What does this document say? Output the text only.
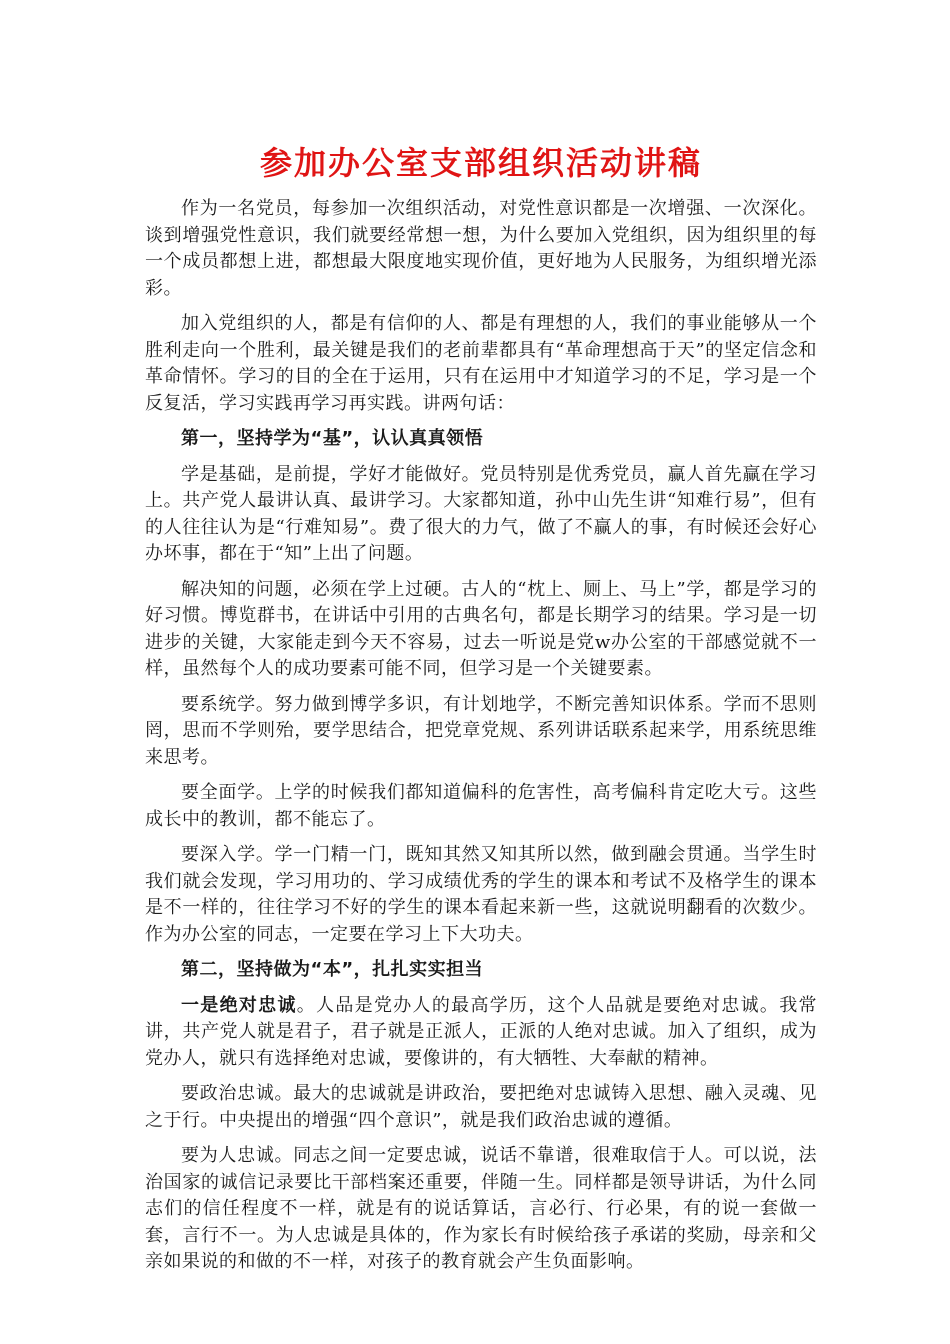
参加办公室支部组织活动讲稿

作为一名党员，每参加一次组织活动，对党性意识都是一次增强、一次深化。谈到增强党性意识，我们就要经常想一想，为什么要加入党组织，因为组织里的每一个成员都想上进，都想最大限度地实现价值，更好地为人民服务，为组织增光添彩。

加入党组织的人，都是有信仰的人、都是有理想的人，我们的事业能够从一个胜利走向一个胜利，最关键是我们的老前辈都具有“革命理想高于天”的坚定信念和革命情怀。学习的目的全在于运用，只有在运用中才知道学习的不足，学习是一个反复活，学习实践再学习再实践。讲两句话：

第一，坚持学为“基”，认认真真领悟

学是基础，是前提，学好才能做好。党员特别是优秀党员，赢人首先赢在学习上。共产党人最讲认真、最讲学习。大家都知道，孙中山先生讲“知难行易”，但有的人往往认为是“行难知易”。费了很大的力气，做了不赢人的事，有时候还会好心办坏事，都在于“知”上出了问题。

解决知的问题，必须在学上过硬。古人的“枕上、厕上、马上”学，都是学习的好习惯。博览群书，在讲话中引用的古典名句，都是长期学习的结果。学习是一切进步的关键，大家能走到今天不容易，过去一听说是党w办公室的干部感觉就不一样，虽然每个人的成功要素可能不同，但学习是一个关键要素。

要系统学。努力做到博学多识，有计划地学，不断完善知识体系。学而不思则罔，思而不学则殆，要学思结合，把党章党规、系列讲话联系起来学，用系统思维来思考。

要全面学。上学的时候我们都知道偏科的危害性，高考偏科肯定吃大亏。这些成长中的教训，都不能忘了。

要深入学。学一门精一门，既知其然又知其所以然，做到融会贯通。当学生时我们就会发现，学习用功的、学习成绩优秀的学生的课本和考试不及格学生的课本是不一样的，往往学习不好的学生的课本看起来新一些，这就说明翻看的次数少。作为办公室的同志，一定要在学习上下大功夫。

第二，坚持做为“本”，扎扎实实担当

一是绝对忠诚。人品是党办人的最高学历，这个人品就是要绝对忠诚。我常讲，共产党人就是君子，君子就是正派人，正派的人绝对忠诚。加入了组织，成为党办人，就只有选择绝对忠诚，要像讲的，有大牺牲、大奉献的精神。

要政治忠诚。最大的忠诚就是讲政治，要把绝对忠诚铸入思想、融入灵魂、见之于行。中央提出的增强“四个意识”，就是我们政治忠诚的遵循。

要为人忠诚。同志之间一定要忠诚，说话不靠谱，很难取信于人。可以说，法治国家的诚信记录要比干部档案还重要，伴随一生。同样都是领导讲话，为什么同志们的信任程度不一样，就是有的说话算话，言必行、行必果，有的说一套做一套，言行不一。为人忠诚是具体的，作为家长有时候给孩子承诺的奖励，母亲和父亲如果说的和做的不一样，对孩子的教育就会产生负面影响。
